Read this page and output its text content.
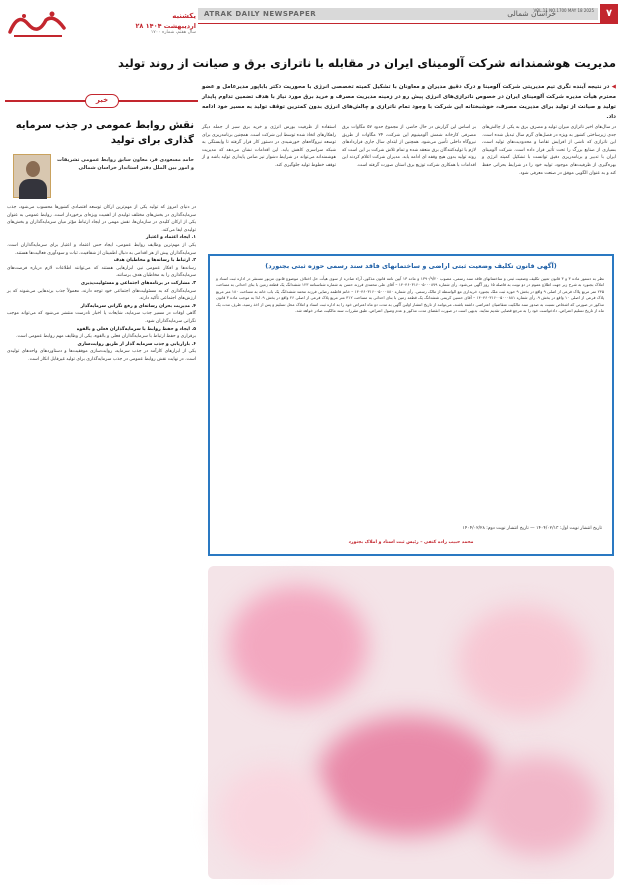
یکشنبه
۲۸ اردیبهشت ۱۴۰۴
سال هفتم، شماره ۱۷۰۰
ATRAK DAILY NEWSPAPER	خراسان شمالی
VOL.11 NO.1700 MAY 18 2025	۷
خبر
نقش روابط عمومی در جذب سرمایه گذاری برای تولید
حامد مسعودی فر، معاون سابق روابط عمومی تشریفات و امور بین الملل دفتر استاندار خراسان شمالی
در دنیای امروز که تولید یکی از مهم‌ترین ارکان توسعه اقتصادی کشورها محسوب می‌شود، جذب سرمایه‌گذاری در بخش‌های مختلف تولیدی از اهمیت ویژه‌ای برخوردار است. روابط عمومی به عنوان یکی از ارکان کلیدی در سازمان‌ها، نقش مهمی در ایجاد ارتباط مؤثر میان سرمایه‌گذاران و بخش‌های تولیدی ایفا می‌کند.
۱. ایجاد اعتماد و اعتبار
یکی از مهم‌ترین وظایف روابط عمومی، ایجاد حس اعتماد و اعتبار برای سرمایه‌گذاران است. سرمایه‌گذاران پیش از هر اقدامی به دنبال اطمینان از شفافیت، ثبات و سودآوری فعالیت‌ها هستند.
۲. ارتباط با رسانه‌ها و مخاطبان هدف
رسانه‌ها و افکار عمومی نیز، ابزارهایی هستند که می‌توانند اطلاعات لازم درباره فرصت‌های سرمایه‌گذاری را به مخاطبان هدف برسانند.
۳. مشارکت در برنامه‌های اجتماعی و مسئولیت‌پذیری
سرمایه‌گذاری که به مسئولیت‌های اجتماعی خود توجه دارند، معمولاً جذب برندهایی می‌شوند که بر ارزش‌های اجتماعی تأکید دارند.
۴. مدیریت بحران رسانه‌ای و رفع نگرانی سرمایه‌گذار
گاهی اوقات در مسیر جذب سرمایه، شایعات یا اخبار نادرست منتشر می‌شود که می‌تواند موجب نگرانی سرمایه‌گذاران شود.
۵. ایجاد و حفظ روابط با سرمایه‌گذاران فعلی و بالقوه
برقراری و حفظ ارتباط با سرمایه‌گذاران فعلی و بالقوه، یکی از وظایف مهم روابط عمومی است.
۶. بازاریابی و جذب سرمایه گذار از طریق روایت‌سازی
یکی از ابزارهای کارآمد در جذب سرمایه، روایت‌سازی موفقیت‌ها و دستاوردهای واحدهای تولیدی است. در نهایت نقش روابط عمومی در جذب سرمایه‌گذاری برای تولید غیرقابل انکار است.
مدیریت هوشمندانه شرکت آلومینای ایران در مقابله با ناترازی برق و صیانت از روند تولید
◀ در نتیجه آینده نگری تیم مدیریتی شرکت آلومینا و درک دقیق مدیران و معاونان با تشکیل کمیته تخصصی انرژی با محوریت دکتر باباپور مدیرعامل و عضو محترم هیأت مدیره شرکت آلومینای ایران در خصوص ناترازی‌های انرژی پیش رو در زمینه مدیریت مصرف و خرید برق مورد نیاز با هدف تضمین تداوم پایدار تولید و صیانت از تولید برای مدیریت مصرف، خوشبختانه این شرکت با وجود تمام ناترازی و چالش‌های انرژی بدون کمترین توقف تولید به مسیر خود ادامه داد.
در سال‌های اخیر ناترازی میزان تولید و مصرف برق به یکی از چالش‌های جدی زیرساختی کشور به ویژه در فصل‌های گرم سال تبدیل شده است. این ناترازی که ناشی از افزایش تقاضا و محدودیت‌های تولید است، بسیاری از صنایع بزرگ را تحت تأثیر قرار داده است. شرکت آلومینای ایران با تدبیر و برنامه‌ریزی دقیق توانست با تشکیل کمیته انرژی و بهره‌گیری از ظرفیت‌های موجود، تولید خود را در شرایط بحرانی حفظ کند و به عنوان الگویی موفق در صنعت معرفی شود.
بر اساس این گزارش در حال حاضر، از مجموع حدود ۵۷ مگاوات برق مصرفی کارخانه شمش آلومینیوم این شرکت، ۲۴ مگاوات از طریق نیروگاه داخلی تأمین می‌شود. همچنین از ابتدای سال جاری قراردادهای لازم با تولیدکنندگان برق منعقد شده و تمام تلاش شرکت بر این است که روند تولید بدون هیچ وقفه ای ادامه یابد. مدیران شرکت اعلام کردند این اقدامات با همکاری شرکت توزیع برق استان صورت گرفته است.
استفاده از ظرفیت بورس انرژی و خرید برق سبز از جمله دیگر راهکارهای اتخاذ شده توسط این شرکت است. همچنین برنامه‌ریزی برای توسعه نیروگاه‌های خورشیدی در دستور کار قرار گرفته تا وابستگی به شبکه سراسری کاهش یابد. این اقدامات نشان می‌دهد که مدیریت هوشمندانه می‌تواند در شرایط دشوار نیز ضامن پایداری تولید باشد و از توقف خطوط تولید جلوگیری کند.
(آگهی قانون تکلیف وضعیت ثبتی اراضی و ساختمانهای فاقد سند رسمی حوزه ثبتی بجنورد)
نظر به دستور ماده ۳ و ۳ قانون تعیین تکلیف وضعیت ثبتی و ساختمانهای فاقد سند رسمی، مصوب ۱۳۹۰/۹/۲۰ و ماده ۱۳ آیین نامه قانون مذکور، آراء صادره از سوی هیأت حل اختلاف موضوع قانون مزبور مستقر در اداره ثبت اسناد و املاک بجنورد به شرح زیر جهت اطلاع عموم در دو نوبت به فاصله ۱۵ روز آگهی می‌شود. رأی شماره ۱۴۰۴۶۰۳۱۶۰۰۵۰۰۰۸۷۹ – آقای علی محمدی فرزند حسن به شماره شناسنامه ۱۲۳ ششدانگ یک قطعه زمین با بنای احداثی به مساحت ۲۴۵ متر مربع پلاک فرعی از اصلی ۹ واقع در بخش ۹ حوزه ثبت ملک بجنورد خریداری مع الواسطه از مالک رسمی. رأی شماره ۱۴۰۴۶۰۳۱۶۰۰۵۰۰۰۸۸۰ – خانم فاطمه رضایی فرزند محمد ششدانگ یک باب خانه به مساحت ۱۸۰ متر مربع پلاک فرعی از اصلی ۱۰ واقع در بخش ۹. رأی شماره ۱۴۰۴۶۰۳۱۶۰۰۵۰۰۰۸۸۱ – آقای حسین کریمی ششدانگ یک قطعه زمین با بنای احداثی به مساحت ۳۱۲ متر مربع پلاک فرعی از اصلی ۲۶ واقع در بخش ۹. لذا به موجب ماده ۳ قانون مذکور در صورتی که اشخاص نسبت به صدور سند مالکیت متقاضیان اعتراضی داشته باشند، می‌توانند از تاریخ انتشار اولین آگهی به مدت دو ماه اعتراض خود را به اداره ثبت اسناد و املاک محل تسلیم و پس از اخذ رسید، ظرف مدت یک ماه از تاریخ تسلیم اعتراض، دادخواست خود را به مرجع قضایی تقدیم نمایند. بدیهی است در صورت انقضای مدت مذکور و عدم وصول اعتراض، طبق مقررات سند مالکیت صادر خواهد شد.
تاریخ انتشار نوبت اول: ۱۴۰۴/۰۲/۱۳ — تاریخ انتشار نوبت دوم: ۱۴۰۴/۰۲/۲۸
محمد حبیب زاده کنفی – رئیس ثبت اسناد و املاک بجنورد
